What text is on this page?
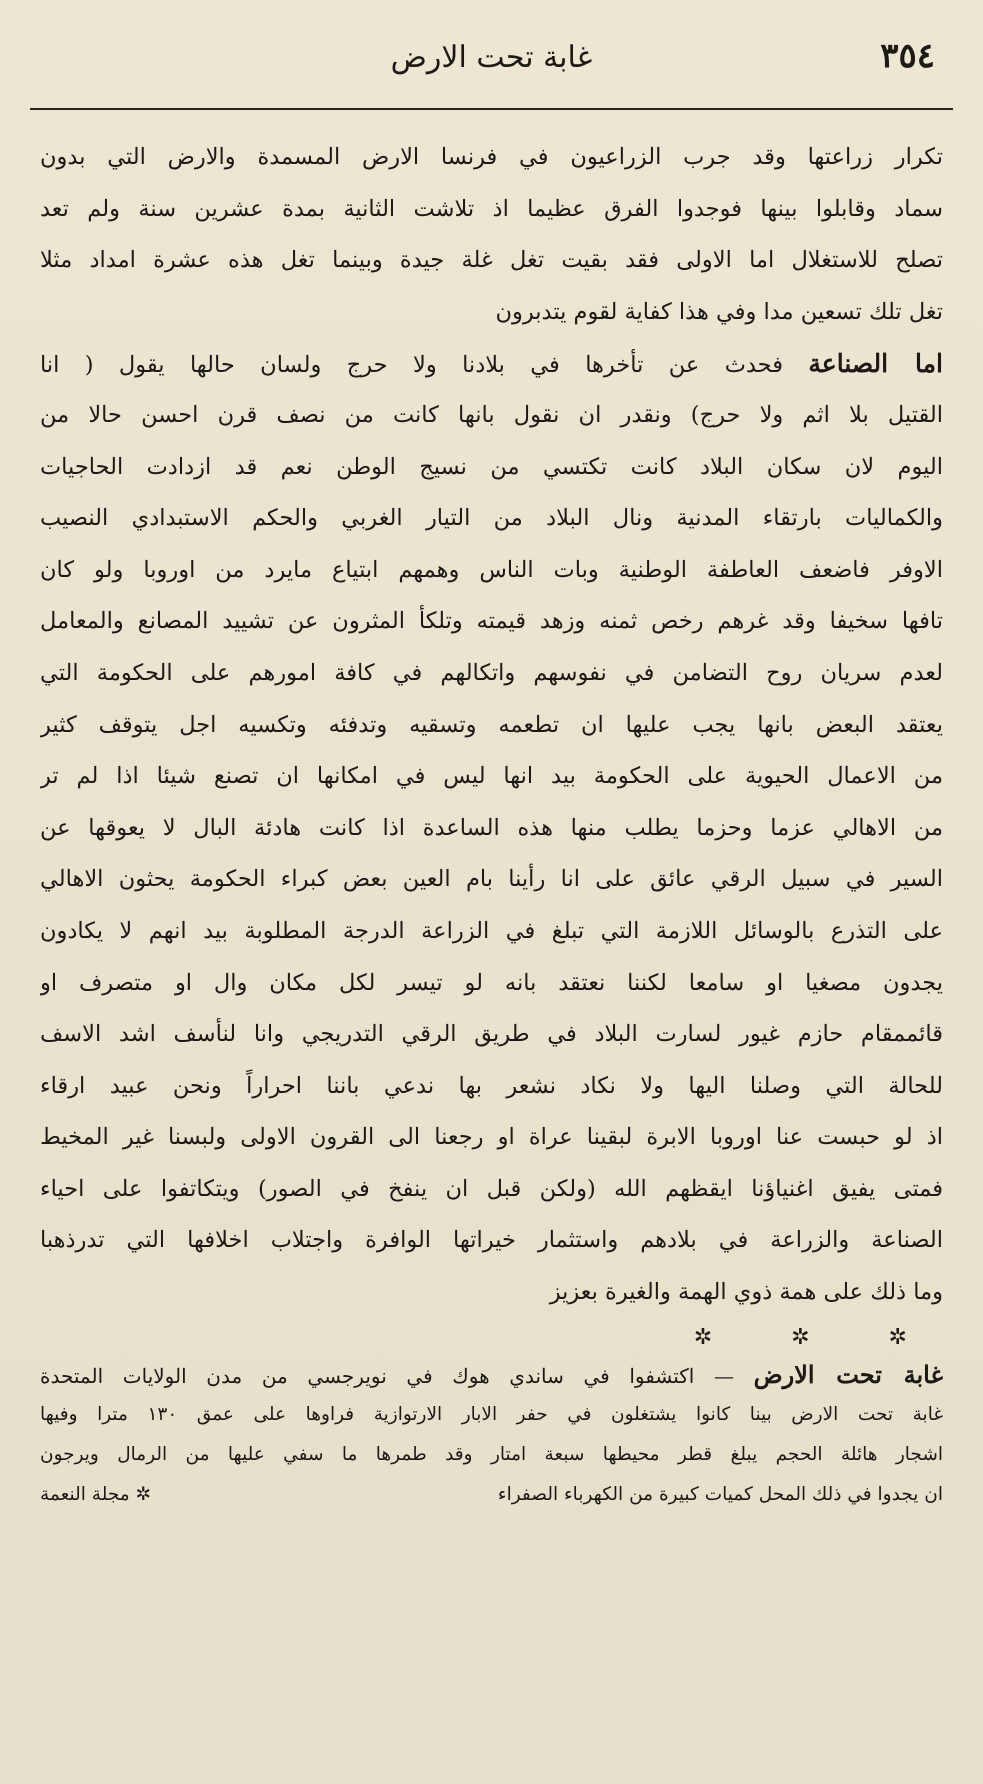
٣٥٤
غابة تحت الارض
تكرار زراعتها وقد جرب الزراعيون في فرنسا الارض المسمدة والارض التي بدون
سماد وقابلوا بينها فوجدوا الفرق عظيما اذ تلاشت الثانية بمدة عشرين سنة ولم تعد
تصلح للاستغلال اما الاولى فقد بقيت تغل غلة جيدة وبينما تغل هذه عشرة امداد مثلا
تغل تلك تسعين مدا وفي هذا كفاية لقوم يتدبرون
اما الصناعة فحدث عن تأخرها في بلادنا ولا حرج ولسان حالها يقول ( انا
القتيل بلا اثم ولا حرج) ونقدر ان نقول بانها كانت من نصف قرن احسن حالا من
اليوم لان سكان البلاد كانت تكتسي من نسيج الوطن نعم قد ازدادت الحاجيات
والكماليات بارتقاء المدنية ونال البلاد من التيار الغربي والحكم الاستبدادي النصيب
الاوفر فاضعف العاطفة الوطنية وبات الناس وهمهم ابتياع مايرد من اوروبا ولو كان
تافها سخيفا وقد غرهم رخص ثمنه وزهد قيمته وتلكأ المثرون عن تشييد المصانع والمعامل
لعدم سريان روح التضامن في نفوسهم واتكالهم في كافة امورهم على الحكومة التي
يعتقد البعض بانها يجب عليها ان تطعمه وتسقيه وتدفئه وتكسيه اجل يتوقف كثير
من الاعمال الحيوية على الحكومة بيد انها ليس في امكانها ان تصنع شيئا اذا لم تر
من الاهالي عزما وحزما يطلب منها هذه الساعدة اذا كانت هادئة البال لا يعوقها عن
السير في سبيل الرقي عائق على انا رأينا بام العين بعض كبراء الحكومة يحثون الاهالي
على التذرع بالوسائل اللازمة التي تبلغ في الزراعة الدرجة المطلوبة بيد انهم لا يكادون
يجدون مصغيا او سامعا لكننا نعتقد بانه لو تيسر لكل مكان وال او متصرف او
قائممقام حازم غيور لسارت البلاد في طريق الرقي التدريجي وانا لنأسف اشد الاسف
للحالة التي وصلنا اليها ولا نكاد نشعر بها ندعي باننا احراراً ونحن عبيد ارقاء
اذ لو حبست عنا اوروبا الابرة لبقينا عراة او رجعنا الى القرون الاولى ولبسنا غير المخيط
فمتى يفيق اغنياؤنا ايقظهم الله (ولكن قبل ان ينفخ في الصور) ويتكاتفوا على احياء
الصناعة والزراعة في بلادهم واستثمار خيراتها الوافرة واجتلاب اخلافها التي تدرذهبا
وما ذلك على همة ذوي الهمة والغيرة بعزيز
✲ ✲ ✲
غابة تحت الارض — اكتشفوا في ساندي هوك في نويرجسي من مدن الولايات المتحدة
غابة تحت الارض بينا كانوا يشتغلون في حفر الابار الارتوازية فراوها على عمق ١٣٠ مترا وفيها
اشجار هائلة الحجم يبلغ قطر محيطها سبعة امتار وقد طمرها ما سفي عليها من الرمال ويرجون
ان يجدوا في ذلك المحل كميات كبيرة من الكهرباء الصفراء
✲ مجلة النعمة
